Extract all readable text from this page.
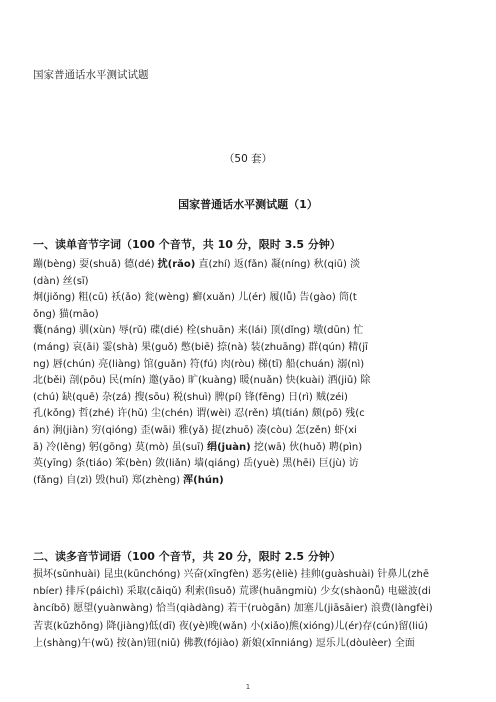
国家普通话水平测试试题
（50 套）
国家普通话水平测试题（1）
一、读单音节字词（100 个音节，共 10 分，限时 3.5 分钟）
蹦(bèng) 耍(shuǎ) 德(dé) 扰(rǎo) 直(zhí) 返(fǎn) 凝(níng) 秋(qiū) 淡
(dàn) 丝(sī)
炯(jiǒng) 粗(cū) 袄(ǎo) 瓮(wèng) 癣(xuǎn) 儿(ér) 履(lǚ) 告(gào) 筒(t
ǒng) 猫(māo)
囊(náng) 驯(xùn) 辱(rǔ) 碟(dié) 栓(shuān) 来(lái) 顶(dǐng) 墩(dūn) 忙
(máng) 哀(āi) 霎(shà) 果(guǒ) 憋(biē) 捺(nà) 装(zhuāng) 群(qún) 精(jī
ng) 唇(chún) 亮(liàng) 馆(guǎn) 符(fú) 肉(ròu) 梯(tī) 船(chuán) 溺(nì)
北(běi) 剖(pōu) 民(mín) 邀(yāo) 旷(kuàng) 暖(nuǎn) 快(kuài) 酒(jiǔ) 除
(chú) 缺(quē) 杂(zá) 搜(sōu) 税(shuì) 脾(pí) 锋(fēng) 日(rì) 贼(zéi)
孔(kǒng) 哲(zhé) 许(hǔ) 尘(chén) 谓(wèi) 忍(rěn) 填(tián) 颇(pō) 残(c
án) 涧(jiàn) 穷(qióng) 歪(wāi) 雅(yǎ) 捉(zhuō) 凑(còu) 怎(zěn) 虾(xi
ā) 冷(lěng) 躬(gōng) 莫(mò) 虽(suī) 绢(juàn) 挖(wā) 伙(huǒ) 聘(pìn)
英(yīng) 条(tiáo) 笨(bèn) 敛(liǎn) 墙(qiáng) 岳(yuè) 黑(hēi) 巨(jù) 访
(fǎng) 自(zì) 毁(huǐ) 郑(zhèng) 浑(hún)
二、读多音节词语（100 个音节，共 20 分，限时 2.5 分钟）
损坏(sǔnhuài) 昆虫(kūnchóng) 兴奋(xīngfèn) 恶劣(èliè) 挂帅(guàshuài) 针鼻儿(zhē
nbíer) 排斥(páichì) 采取(cǎiqǔ) 利索(lìsuǒ) 荒谬(huāngmiù) 少女(shàonǚ) 电磁波(di
àncíbō) 愿望(yuànwàng) 恰当(qiàdàng) 若干(ruògān) 加塞儿(jiāsāier) 浪费(làngfèi)
苦衷(kǔzhōng) 降(jiàng)低(dī) 夜(yè)晚(wǎn) 小(xiǎo)熊(xióng)儿(ér)存(cún)留(liú)
上(shàng)午(wǔ) 按(àn)钮(niǔ) 佛教(fójiào) 新娘(xīnniáng) 逗乐儿(dòulèer) 全面
1
